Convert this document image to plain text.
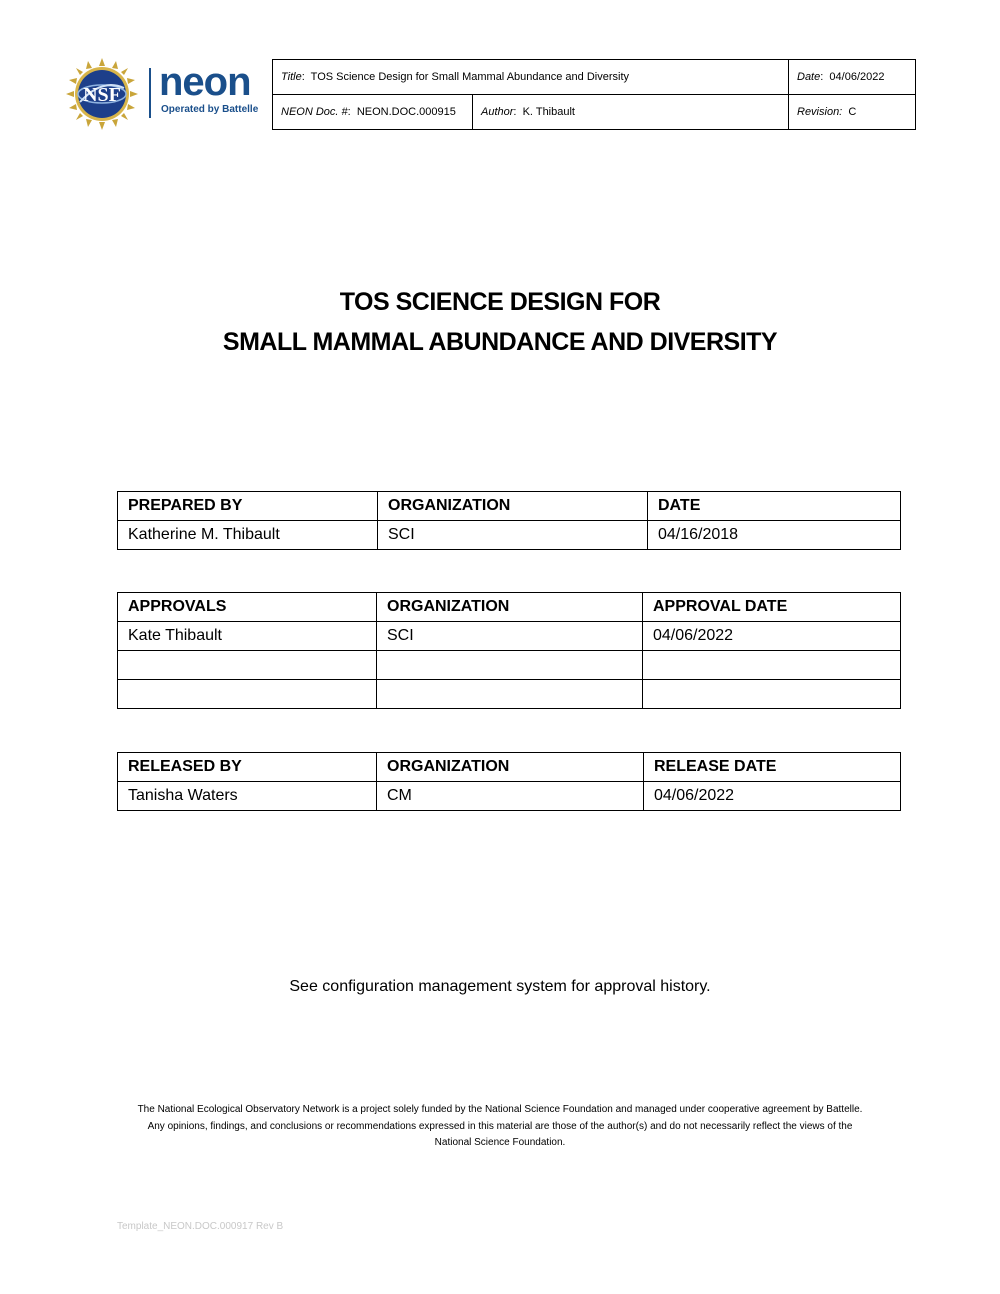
NSF neon
Operated by Battelle
Title:  TOS Science Design for Small Mammal Abundance and Diversity		Date:  04/06/2022
NEON Doc. #:  NEON.DOC.000915	Author:  K. Thibault	Revision: C
TOS SCIENCE DESIGN FOR
SMALL MAMMAL ABUNDANCE AND DIVERSITY
PREPARED BY	ORGANIZATION	DATE
Katherine M. Thibault	SCI	04/16/2018
APPROVALS	ORGANIZATION	APPROVAL DATE
Kate Thibault	SCI	04/06/2022

RELEASED BY	ORGANIZATION	RELEASE DATE
Tanisha Waters	CM	04/06/2022
See configuration management system for approval history.
The National Ecological Observatory Network is a project solely funded by the National Science Foundation and managed under cooperative agreement by Battelle.
Any opinions, findings, and conclusions or recommendations expressed in this material are those of the author(s) and do not necessarily reflect the views of the
National Science Foundation.
Template_NEON.DOC.000917 Rev B
